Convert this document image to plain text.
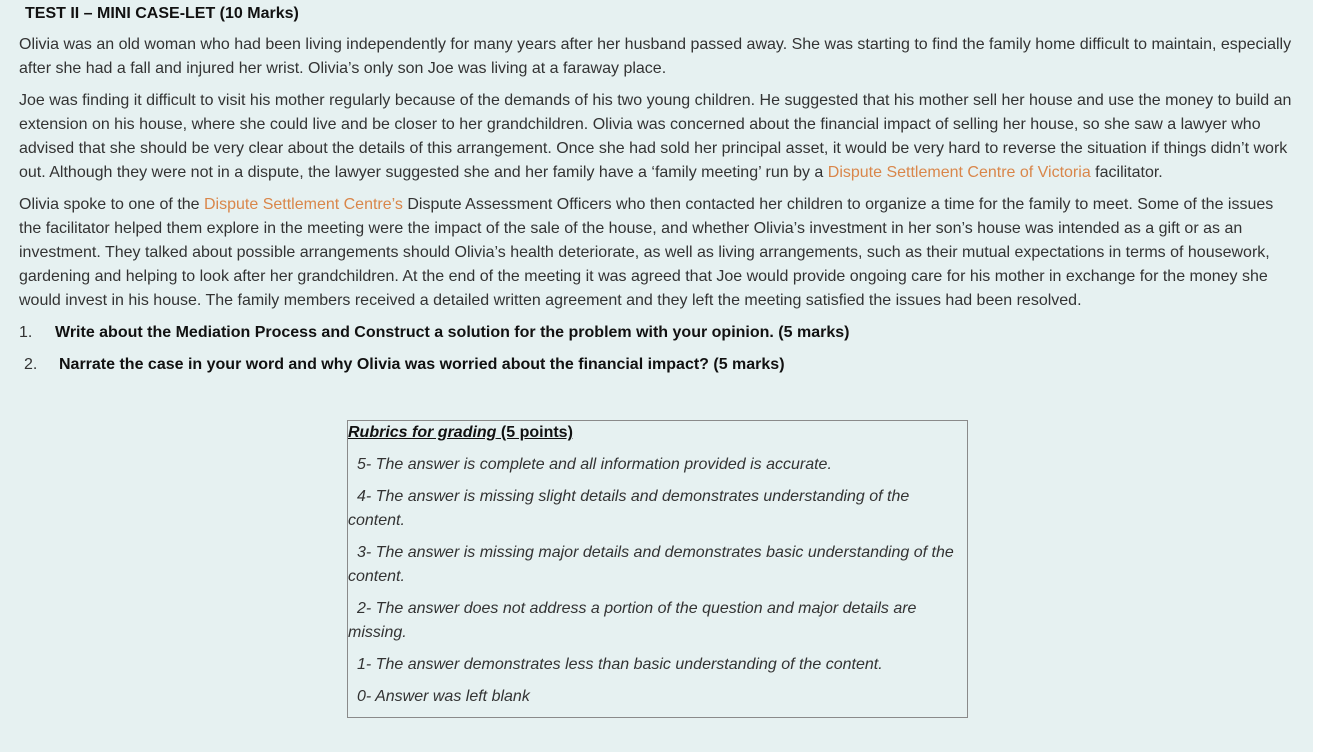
TEST II – MINI CASE-LET (10 Marks)
Olivia was an old woman who had been living independently for many years after her husband passed away. She was starting to find the family home difficult to maintain, especially after she had a fall and injured her wrist. Olivia’s only son Joe was living at a faraway place.
Joe was finding it difficult to visit his mother regularly because of the demands of his two young children. He suggested that his mother sell her house and use the money to build an extension on his house, where she could live and be closer to her grandchildren. Olivia was concerned about the financial impact of selling her house, so she saw a lawyer who advised that she should be very clear about the details of this arrangement. Once she had sold her principal asset, it would be very hard to reverse the situation if things didn’t work out. Although they were not in a dispute, the lawyer suggested she and her family have a ‘family meeting’ run by a Dispute Settlement Centre of Victoria facilitator.
Olivia spoke to one of the Dispute Settlement Centre’s Dispute Assessment Officers who then contacted her children to organize a time for the family to meet. Some of the issues the facilitator helped them explore in the meeting were the impact of the sale of the house, and whether Olivia’s investment in her son’s house was intended as a gift or as an investment. They talked about possible arrangements should Olivia’s health deteriorate, as well as living arrangements, such as their mutual expectations in terms of housework, gardening and helping to look after her grandchildren. At the end of the meeting it was agreed that Joe would provide ongoing care for his mother in exchange for the money she would invest in his house. The family members received a detailed written agreement and they left the meeting satisfied the issues had been resolved.
1. Write about the Mediation Process and Construct a solution for the problem with your opinion. (5 marks)
2. Narrate the case in your word and why Olivia was worried about the financial impact? (5 marks)
Rubrics for grading (5 points)
5- The answer is complete and all information provided is accurate.
4- The answer is missing slight details and demonstrates understanding of the content.
3- The answer is missing major details and demonstrates basic understanding of the content.
2- The answer does not address a portion of the question and major details are missing.
1- The answer demonstrates less than basic understanding of the content.
0- Answer was left blank
